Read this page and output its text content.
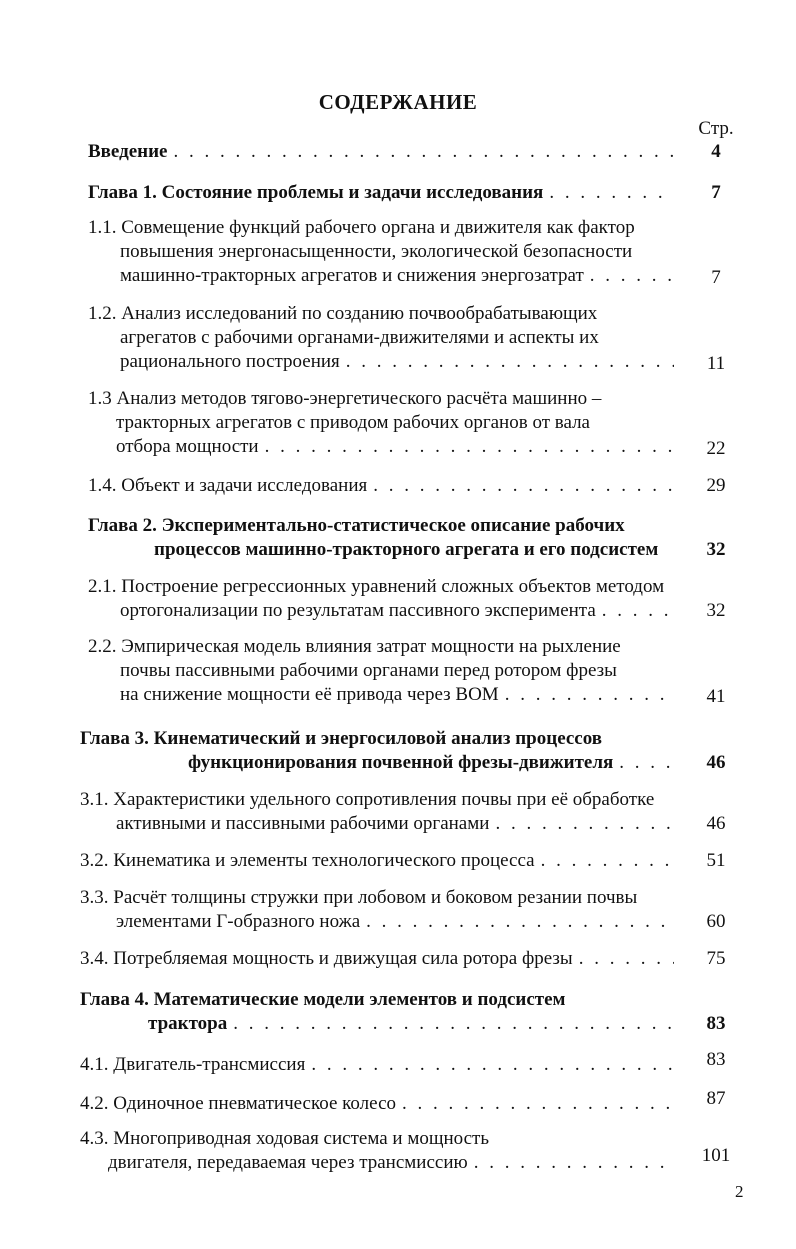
СОДЕРЖАНИЕ
Стр.
Введение . . .	4
Глава 1. Состояние проблемы и задачи исследования . . .	7
1.1. Совмещение функций рабочего органа и движителя как фактор
повышения энергонасыщенности, экологической безопасности
машинно-тракторных агрегатов и снижения энергозатрат . . .	7
1.2. Анализ исследований по созданию почвообрабатывающих
агрегатов с рабочими органами-движителями и аспекты их
рационального построения . . .	11
1.3 Анализ методов тягово-энергетического расчёта машинно –
тракторных агрегатов с приводом рабочих органов от вала
отбора мощности . . .	22
1.4. Объект и задачи исследования . . .	29
Глава 2. Экспериментально-статистическое описание рабочих
процессов машинно-тракторного агрегата и его подсистем	32
2.1. Построение регрессионных уравнений сложных объектов методом
ортогонализации по результатам пассивного эксперимента . . .	32
2.2. Эмпирическая модель влияния затрат мощности на рыхление
почвы пассивными рабочими органами перед ротором фрезы
на снижение мощности её привода через ВОМ . . .	41
Глава 3. Кинематический и энергосиловой анализ процессов
функционирования почвенной фрезы-движителя . . .	46
3.1. Характеристики удельного сопротивления почвы при её обработке
активными и пассивными рабочими органами . . .	46
3.2. Кинематика и элементы технологического процесса . . .	51
3.3. Расчёт толщины стружки при лобовом и боковом резании почвы
элементами Г-образного ножа . . .	60
3.4. Потребляемая мощность и движущая сила ротора фрезы . . .	75
Глава 4. Математические модели элементов и подсистем
трактора . . .	83
4.1. Двигатель-трансмиссия . . .	83
4.2. Одиночное пневматическое колесо . . .	87
4.3. Многоприводная ходовая система и мощность
двигателя, передаваемая через трансмиссию . . .	101
2
